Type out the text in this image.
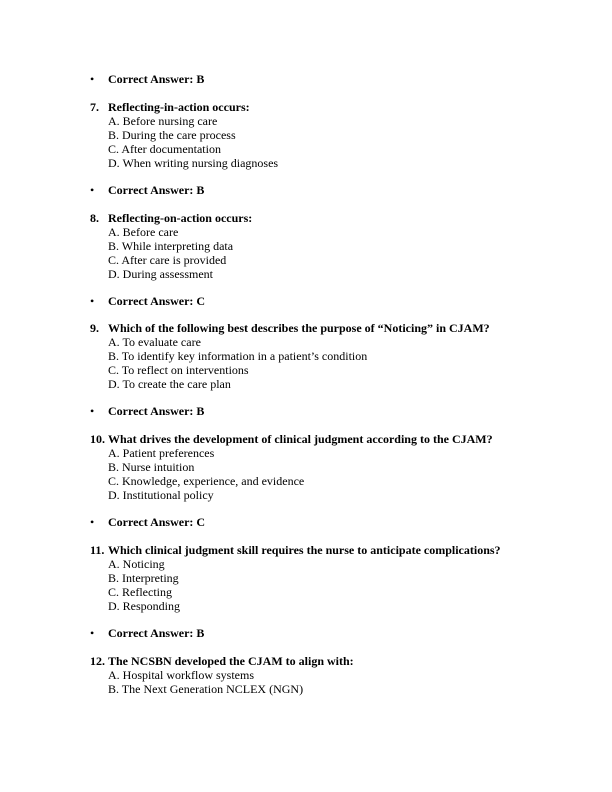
• Correct Answer: B
7. Reflecting-in-action occurs:
A. Before nursing care
B. During the care process
C. After documentation
D. When writing nursing diagnoses
• Correct Answer: B
8. Reflecting-on-action occurs:
A. Before care
B. While interpreting data
C. After care is provided
D. During assessment
• Correct Answer: C
9. Which of the following best describes the purpose of “Noticing” in CJAM?
A. To evaluate care
B. To identify key information in a patient’s condition
C. To reflect on interventions
D. To create the care plan
• Correct Answer: B
10. What drives the development of clinical judgment according to the CJAM?
A. Patient preferences
B. Nurse intuition
C. Knowledge, experience, and evidence
D. Institutional policy
• Correct Answer: C
11. Which clinical judgment skill requires the nurse to anticipate complications?
A. Noticing
B. Interpreting
C. Reflecting
D. Responding
• Correct Answer: B
12. The NCSBN developed the CJAM to align with:
A. Hospital workflow systems
B. The Next Generation NCLEX (NGN)
